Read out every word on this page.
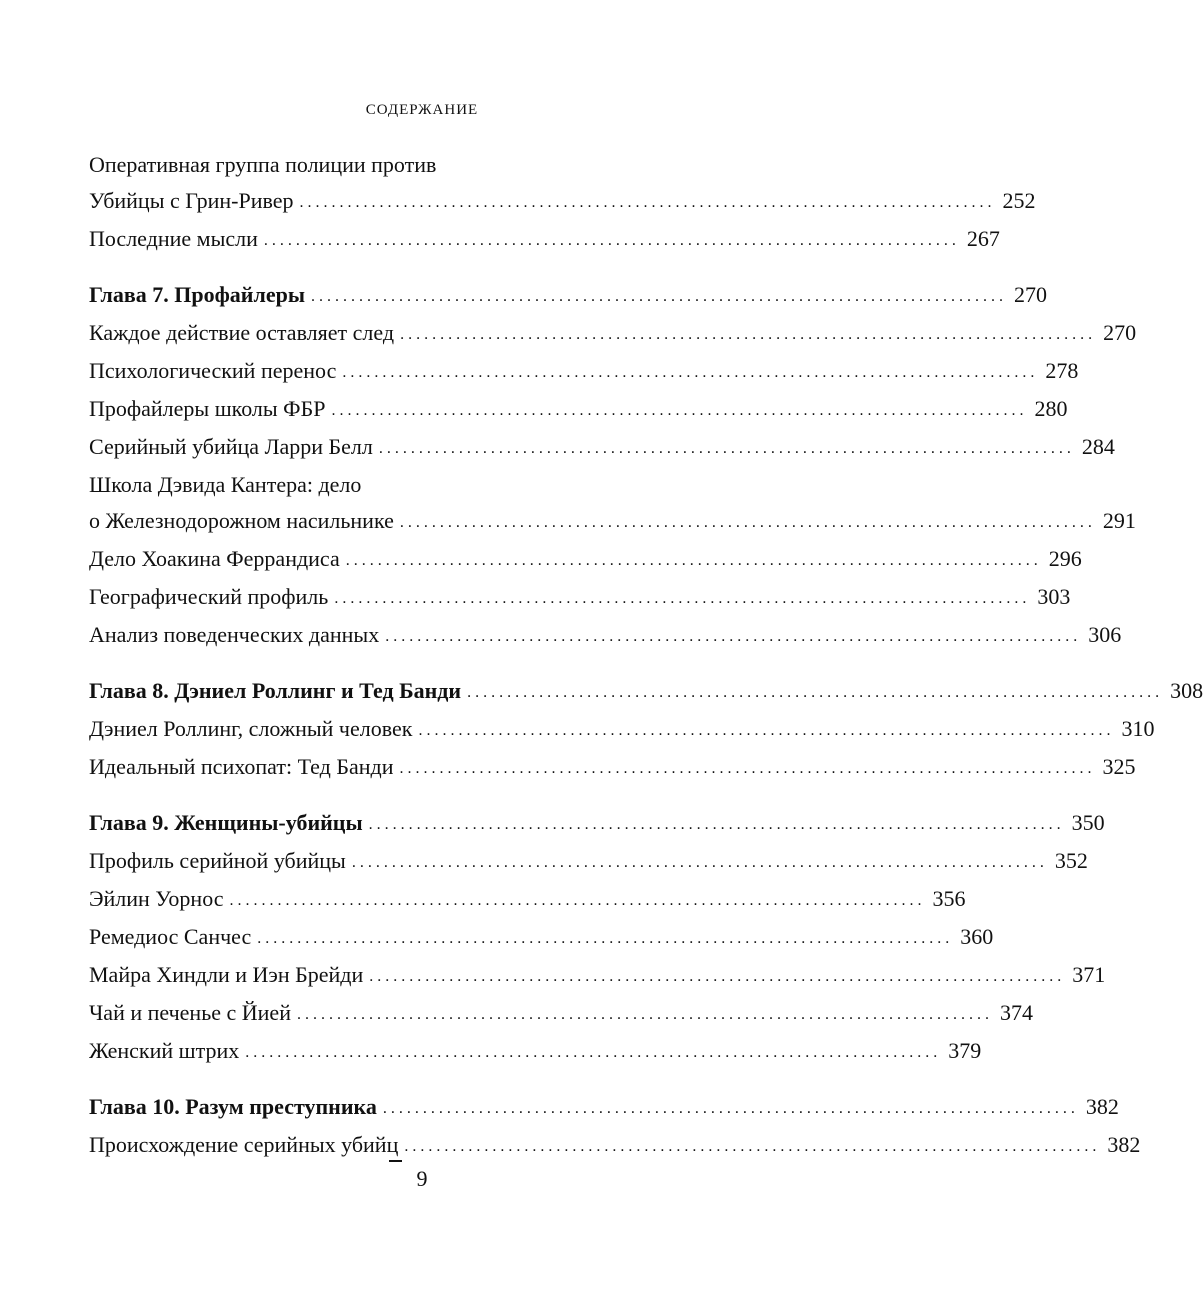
СОДЕРЖАНИЕ
Оперативная группа полиции против
Убийцы с Грин-Ривер . . .	252
Последние мысли . . .	267
Глава 7. Профайлеры . . .	270
Каждое действие оставляет след . . .	270
Психологический перенос . . .	278
Профайлеры школы ФБР . . .	280
Серийный убийца Ларри Белл . . .	284
Школа Дэвида Кантера: дело
о Железнодорожном насильнике . . .	291
Дело Хоакина Феррандиса . . .	296
Географический профиль . . .	303
Анализ поведенческих данных . . .	306
Глава 8. Дэниел Роллинг и Тед Банди . . .	308
Дэниел Роллинг, сложный человек . . .	310
Идеальный психопат: Тед Банди . . .	325
Глава 9. Женщины-убийцы . . .	350
Профиль серийной убийцы . . .	352
Эйлин Уорнос . . .	356
Ремедиос Санчес . . .	360
Майра Хиндли и Иэн Брейди . . .	371
Чай и печенье с Йией . . .	374
Женский штрих . . .	379
Глава 10. Разум преступника . . .	382
Происхождение серийных убийц . . .	382
9
